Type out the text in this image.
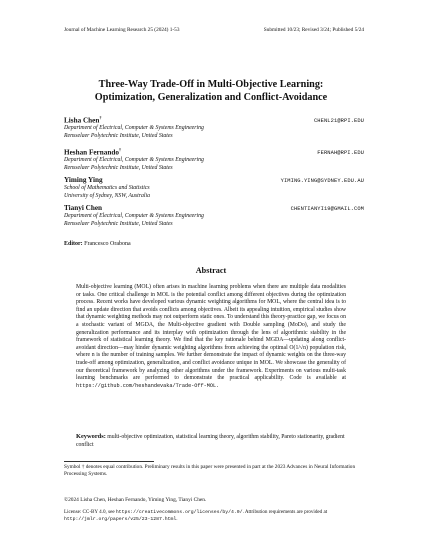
Journal of Machine Learning Research 25 (2024) 1-53	Submitted 10/23; Revised 3/24; Published 5/24
Three-Way Trade-Off in Multi-Objective Learning:
Optimization, Generalization and Conflict-Avoidance
Lisha Chen†
CHENL21@RPI.EDU
Department of Electrical, Computer & Systems Engineering
Rensselaer Polytechnic Institute, United States
Heshan Fernando†
FERNAH@RPI.EDU
Department of Electrical, Computer & Systems Engineering
Rensselaer Polytechnic Institute, United States
Yiming Ying	YIMING.YING@SYDNEY.EDU.AU
School of Mathematics and Statistics
University of Sydney, NSW, Australia
Tianyi Chen	CHENTIANYI19@GMAIL.COM
Department of Electrical, Computer & Systems Engineering
Rensselaer Polytechnic Institute, United States
Editor: Francesco Orabona
Abstract
Multi-objective learning (MOL) often arises in machine learning problems when there are multiple data modalities or tasks. One critical challenge in MOL is the potential conflict among different objectives during the optimization process. Recent works have developed various dynamic weighting algorithms for MOL, where the central idea is to find an update direction that avoids conflicts among objectives. Albeit its appealing intuition, empirical studies show that dynamic weighting methods may not outperform static ones. To understand this theory-practice gap, we focus on a stochastic variant of MGDA, the Multi-objective gradient with Double sampling (MoDo), and study the generalization performance and its interplay with optimization through the lens of algorithmic stability in the framework of statistical learning theory. We find that the key rationale behind MGDA—updating along conflict-avoidant direction—may hinder dynamic weighting algorithms from achieving the optimal O(1/√n) population risk, where n is the number of training samples. We further demonstrate the impact of dynamic weights on the three-way trade-off among optimization, generalization, and conflict avoidance unique in MOL. We showcase the generality of our theoretical framework by analyzing other algorithms under the framework. Experiments on various multi-task learning benchmarks are performed to demonstrate the practical applicability. Code is available at https://github.com/heshandevaka/Trade-Off-MOL.
Keywords: multi-objective optimization, statistical learning theory, algorithm stability, Pareto stationarity, gradient conflict
Symbol † denotes equal contribution. Preliminary results in this paper were presented in part at the 2023 Advances in Neural Information Processing Systems.
©2024 Lisha Chen, Heshan Fernando, Yiming Ying, Tianyi Chen.
License: CC-BY 4.0, see https://creativecommons.org/licenses/by/4.0/. Attribution requirements are provided at http://jmlr.org/papers/v25/23-1287.html.
